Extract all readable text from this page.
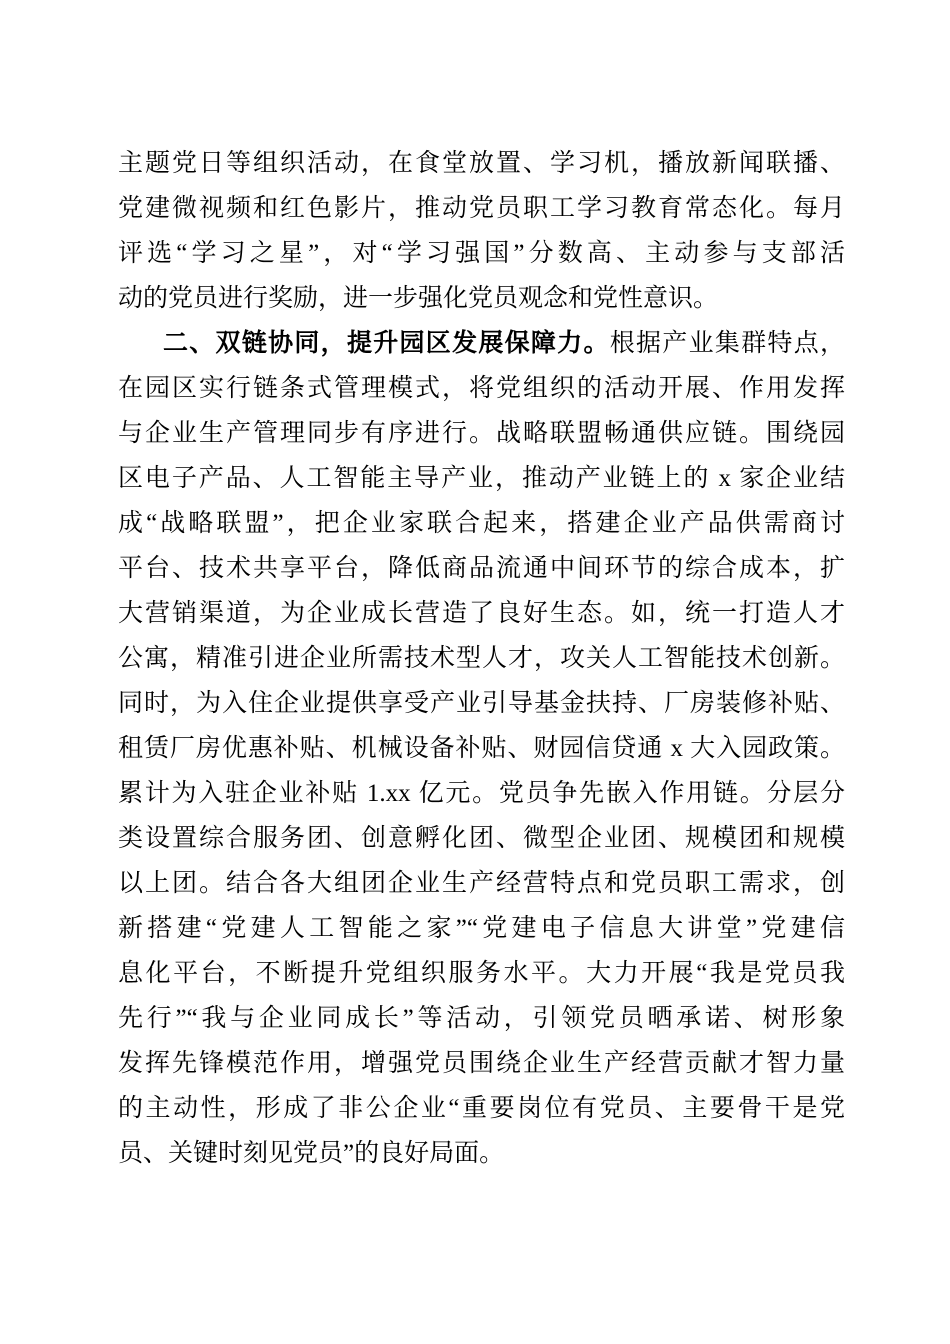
主题党日等组织活动，在食堂放置、学习机，播放新闻联播、
党建微视频和红色影片，推动党员职工学习教育常态化。每月
评选“学习之星”，对“学习强国”分数高、主动参与支部活
动的党员进行奖励，进一步强化党员观念和党性意识。
二、双链协同，提升园区发展保障力。根据产业集群特点，
在园区实行链条式管理模式，将党组织的活动开展、作用发挥
与企业生产管理同步有序进行。战略联盟畅通供应链。围绕园
区电子产品、人工智能主导产业，推动产业链上的 x 家企业结
成“战略联盟”，把企业家联合起来，搭建企业产品供需商讨
平台、技术共享平台，降低商品流通中间环节的综合成本，扩
大营销渠道，为企业成长营造了良好生态。如，统一打造人才
公寓，精准引进企业所需技术型人才，攻关人工智能技术创新。
同时，为入住企业提供享受产业引导基金扶持、厂房装修补贴、
租赁厂房优惠补贴、机械设备补贴、财园信贷通 x 大入园政策。
累计为入驻企业补贴 1.xx 亿元。党员争先嵌入作用链。分层分
类设置综合服务团、创意孵化团、微型企业团、规模团和规模
以上团。结合各大组团企业生产经营特点和党员职工需求，创
新搭建“党建人工智能之家”“党建电子信息大讲堂”党建信
息化平台，不断提升党组织服务水平。大力开展“我是党员我
先行”“我与企业同成长”等活动，引领党员晒承诺、树形象
发挥先锋模范作用，增强党员围绕企业生产经营贡献才智力量
的主动性，形成了非公企业“重要岗位有党员、主要骨干是党
员、关键时刻见党员”的良好局面。
